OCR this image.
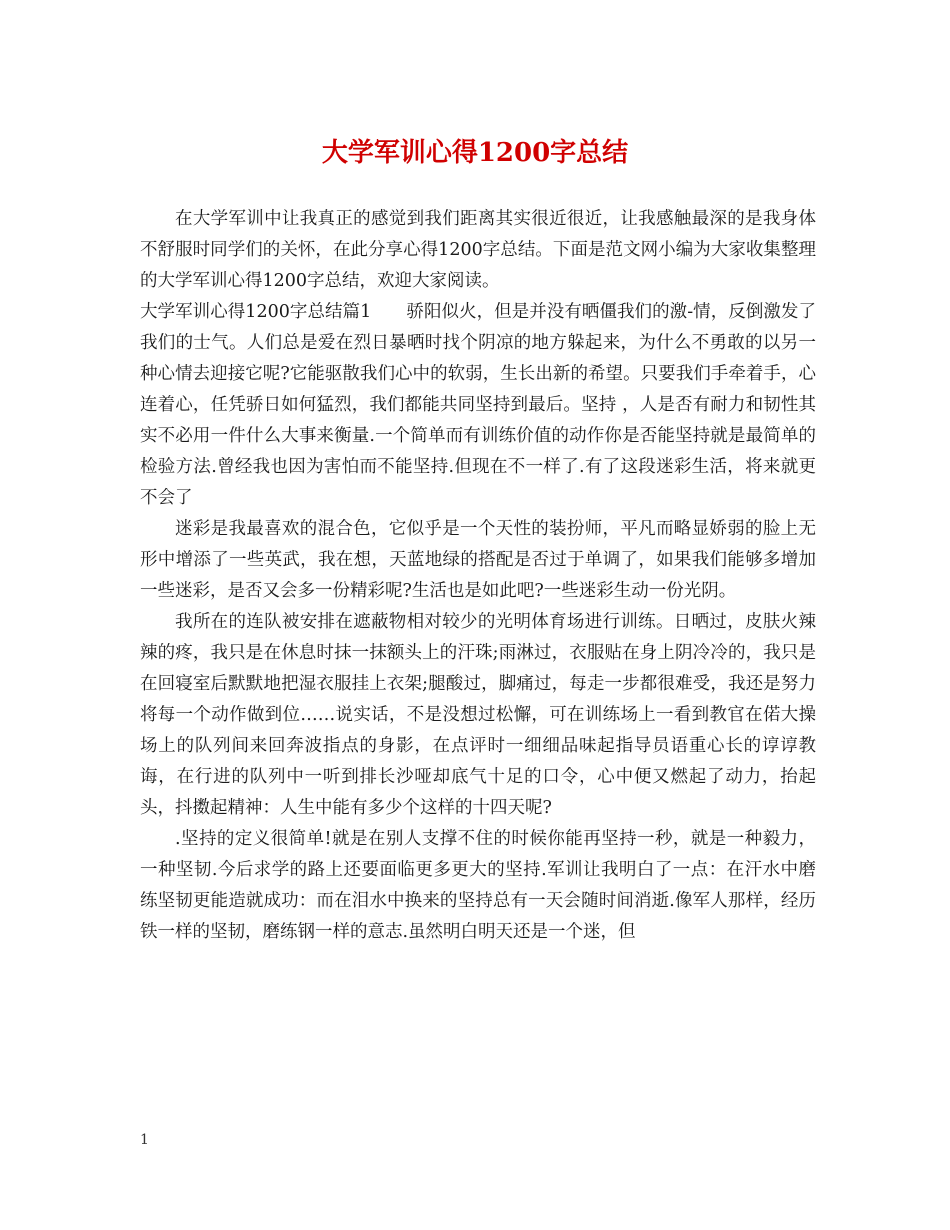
大学军训心得1200字总结

在大学军训中让我真正的感觉到我们距离其实很近很近，让我感触最深的是我身体不舒服时同学们的关怀，在此分享心得1200字总结。下面是范文网小编为大家收集整理的大学军训心得1200字总结，欢迎大家阅读。

大学军训心得1200字总结篇1　　骄阳似火，但是并没有晒僵我们的激-情，反倒激发了我们的士气。人们总是爱在烈日暴晒时找个阴凉的地方躲起来，为什么不勇敢的以另一种心情去迎接它呢?它能驱散我们心中的软弱，生长出新的希望。只要我们手牵着手，心连着心，任凭骄日如何猛烈，我们都能共同坚持到最后。坚持 ，人是否有耐力和韧性其实不必用一件什么大事来衡量.一个简单而有训练价值的动作你是否能坚持就是最简单的检验方法.曾经我也因为害怕而不能坚持.但现在不一样了.有了这段迷彩生活，将来就更不会了

迷彩是我最喜欢的混合色，它似乎是一个天性的装扮师，平凡而略显娇弱的脸上无形中增添了一些英武，我在想，天蓝地绿的搭配是否过于单调了，如果我们能够多增加一些迷彩，是否又会多一份精彩呢?生活也是如此吧?一些迷彩生动一份光阴。

我所在的连队被安排在遮蔽物相对较少的光明体育场进行训练。日晒过，皮肤火辣辣的疼，我只是在休息时抹一抹额头上的汗珠;雨淋过，衣服贴在身上阴冷冷的，我只是在回寝室后默默地把湿衣服挂上衣架;腿酸过，脚痛过，每走一步都很难受，我还是努力将每一个动作做到位……说实话，不是没想过松懈，可在训练场上一看到教官在偌大操场上的队列间来回奔波指点的身影，在点评时一细细品味起指导员语重心长的谆谆教诲，在行进的队列中一听到排长沙哑却底气十足的口令，心中便又燃起了动力，抬起头，抖擞起精神：人生中能有多少个这样的十四天呢?

.坚持的定义很简单!就是在别人支撑不住的时候你能再坚持一秒，就是一种毅力，一种坚韧.今后求学的路上还要面临更多更大的坚持.军训让我明白了一点：在汗水中磨练坚韧更能造就成功：而在泪水中换来的坚持总有一天会随时间消逝.像军人那样，经历铁一样的坚韧，磨练钢一样的意志.虽然明白明天还是一个迷，但

1
